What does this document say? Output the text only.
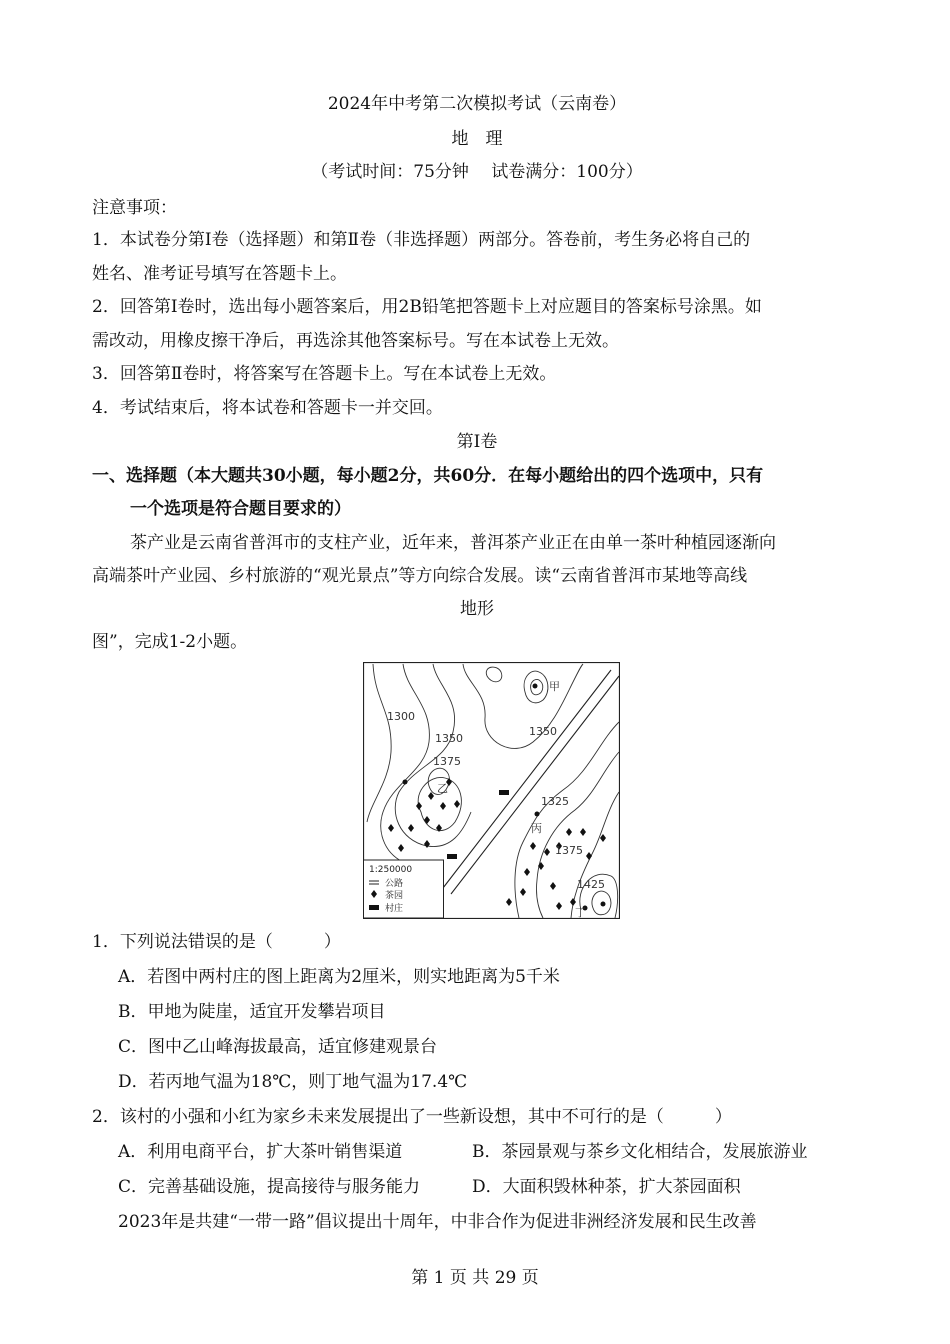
2024年中考第二次模拟考试（云南卷）
地　理
（考试时间：75分钟　 试卷满分：100分）
注意事项：
1．本试卷分第Ⅰ卷（选择题）和第Ⅱ卷（非选择题）两部分。答卷前，考生务必将自己的
姓名、准考证号填写在答题卡上。
2．回答第Ⅰ卷时，选出每小题答案后，用2B铅笔把答题卡上对应题目的答案标号涂黑。如
需改动，用橡皮擦干净后，再选涂其他答案标号。写在本试卷上无效。
3．回答第Ⅱ卷时，将答案写在答题卡上。写在本试卷上无效。
4．考试结束后，将本试卷和答题卡一并交回。
第Ⅰ卷
一、选择题（本大题共30小题，每小题2分，共60分．在每小题给出的四个选项中，只有
一个选项是符合题目要求的）
茶产业是云南省普洱市的支柱产业，近年来，普洱茶产业正在由单一茶叶种植园逐渐向
高端茶叶产业园、乡村旅游的“观光景点”等方向综合发展。读“云南省普洱市某地等高线
地形
图”，完成1-2小题。
1300
1350
1350
1375
1325
1375
1425
甲
乙
丙
丁
1:250000
公路
茶园
村庄
1．下列说法错误的是（　　　）
A．若图中两村庄的图上距离为2厘米，则实地距离为5千米
B．甲地为陡崖，适宜开发攀岩项目
C．图中乙山峰海拔最高，适宜修建观景台
D．若丙地气温为18℃，则丁地气温为17.4℃
2．该村的小强和小红为家乡未来发展提出了一些新设想，其中不可行的是（　　　）
A．利用电商平台，扩大茶叶销售渠道	B．茶园景观与茶乡文化相结合，发展旅游业
C．完善基础设施，提高接待与服务能力	D．大面积毁林种茶，扩大茶园面积
2023年是共建“一带一路”倡议提出十周年，中非合作为促进非洲经济发展和民生改善
第 1 页 共 29 页
